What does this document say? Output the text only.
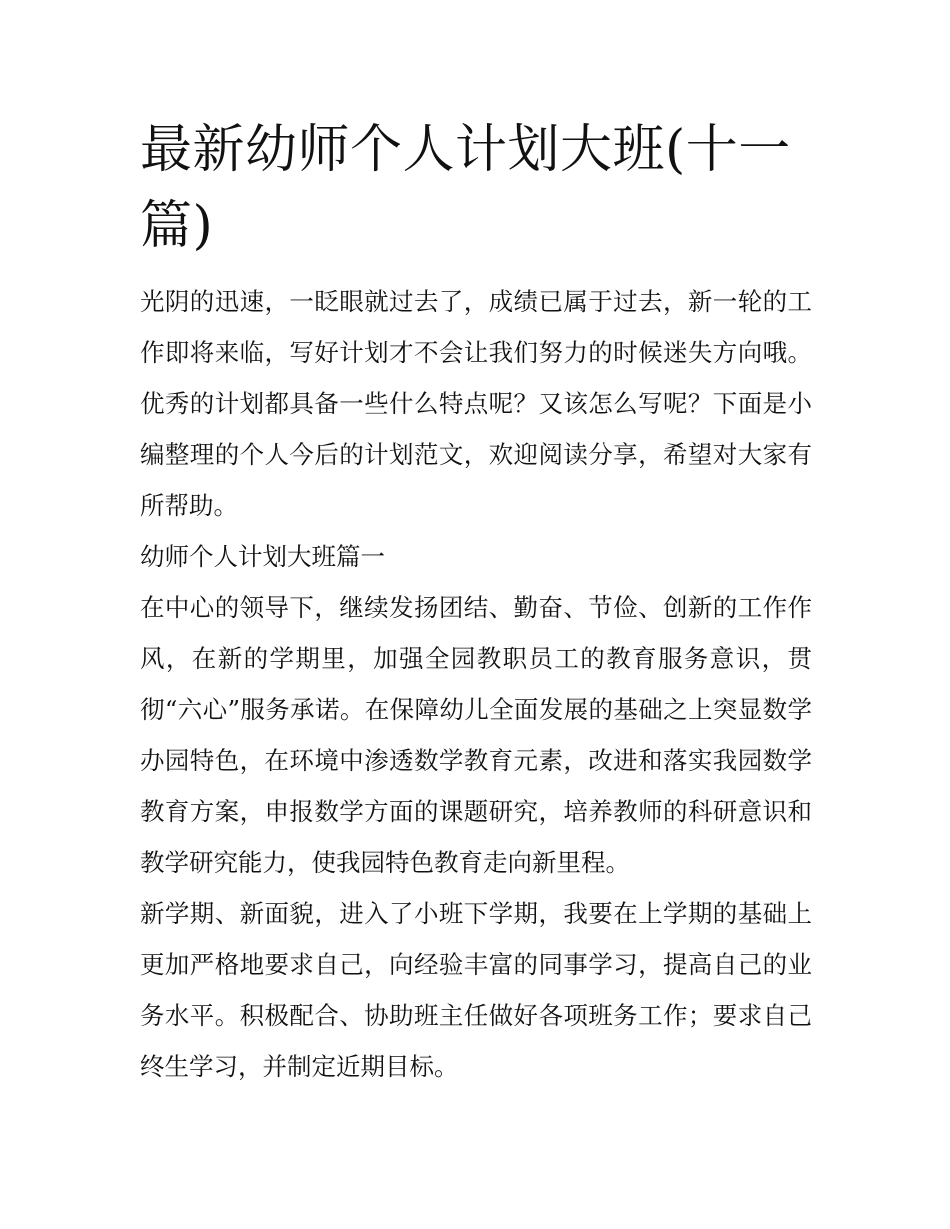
最新幼师个人计划大班(十一篇)

光阴的迅速，一眨眼就过去了，成绩已属于过去，新一轮的工作即将来临，写好计划才不会让我们努力的时候迷失方向哦。优秀的计划都具备一些什么特点呢？又该怎么写呢？下面是小编整理的个人今后的计划范文，欢迎阅读分享，希望对大家有所帮助。

幼师个人计划大班篇一

在中心的领导下，继续发扬团结、勤奋、节俭、创新的工作作风，在新的学期里，加强全园教职员工的教育服务意识，贯彻“六心”服务承诺。在保障幼儿全面发展的基础之上突显数学办园特色，在环境中渗透数学教育元素，改进和落实我园数学教育方案，申报数学方面的课题研究，培养教师的科研意识和教学研究能力，使我园特色教育走向新里程。

新学期、新面貌，进入了小班下学期，我要在上学期的基础上更加严格地要求自己，向经验丰富的同事学习，提高自己的业务水平。积极配合、协助班主任做好各项班务工作；要求自己终生学习，并制定近期目标。
